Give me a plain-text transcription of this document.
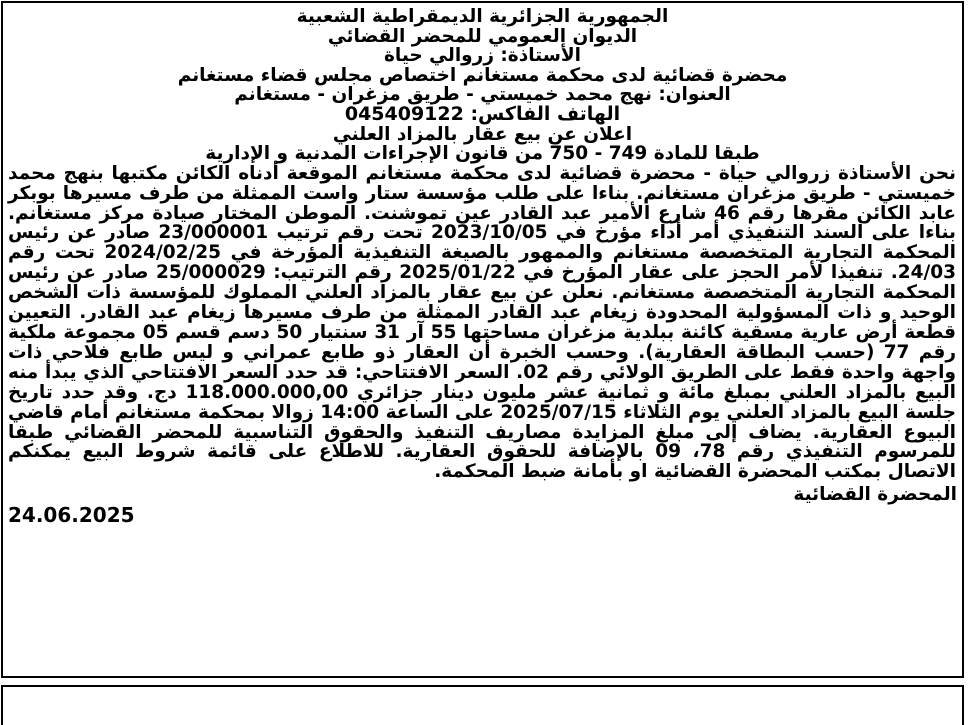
الجمهورية الجزائرية الديمقراطية الشعبية
الديوان العمومي للمحضر القضائي
الأستاذة: زروالي حياة
محضرة قضائية لدى محكمة مستغانم اختصاص مجلس قضاء مستغانم
العنوان: نهج محمد خميستي - طريق مزغران - مستغانم
الهاتف الفاكس: 045409122
اعلان عن بيع عقار بالمزاد العلني
طبقا للمادة 749 - 750 من قانون الإجراءات المدنية و الإدارية

نحن الأستاذة زروالي حياة - محضرة قضائية لدى محكمة مستغانم الموقعة أدناه الكائن مكتبها بنهج محمد خميستي - طريق مزغران مستغانم. بناءا على طلب مؤسسة ستار واست الممثلة من طرف مسيرها بوبكر عابد الكائن مقرها رقم 46 شارع الأمير عبد القادر عين تموشنت. الموطن المختار صيادة مركز مستغانم. بناءا على السند التنفيذي أمر أداء مؤرخ في 2023/10/05 تحت رقم ترتيب 23/000001 صادر عن رئيس المحكمة التجارية المتخصصة مستغانم والممهور بالصيغة التنفيذية المؤرخة في 2024/02/25 تحت رقم 24/03. تنفيذا لأمر الحجز على عقار المؤرخ في 2025/01/22 رقم الترتيب: 25/000029 صادر عن رئيس المحكمة التجارية المتخصصة مستغانم. نعلن عن بيع عقار بالمزاد العلني المملوك للمؤسسة ذات الشخص الوحيد و ذات المسؤولية المحدودة زيغام عبد القادر الممثلة من طرف مسيرها زيغام عبد القادر. التعيين قطعة أرض عارية مسقية كائنة ببلدية مزغران مساحتها 55 آر 31 سنتيار 50 دسم قسم 05 مجموعة ملكية رقم 77 (حسب البطاقة العقارية). وحسب الخبرة أن العقار ذو طابع عمراني و ليس طابع فلاحي ذات واجهة واحدة فقط على الطريق الولائي رقم 02. السعر الافتتاحي: قد حدد السعر الافتتاحي الذي يبدأ منه البيع بالمزاد العلني بمبلغ مائة و ثمانية عشر مليون دينار جزائري 118.000.000,00 دج. وقد حدد تاريخ جلسة البيع بالمزاد العلني يوم الثلاثاء 2025/07/15 على الساعة 14:00 زوالا بمحكمة مستغانم أمام قاضي البيوع العقارية. يضاف إلى مبلغ المزايدة مصاريف التنفيذ والحقوق التناسبية للمحضر القضائي طبقا للمرسوم التنفيذي رقم 78، 09 بالإضافة للحقوق العقارية. للاطلاع على قائمة شروط البيع يمكنكم الاتصال بمكتب المحضرة القضائية او بأمانة ضبط المحكمة.

المحضرة القضائية
24.06.2025
